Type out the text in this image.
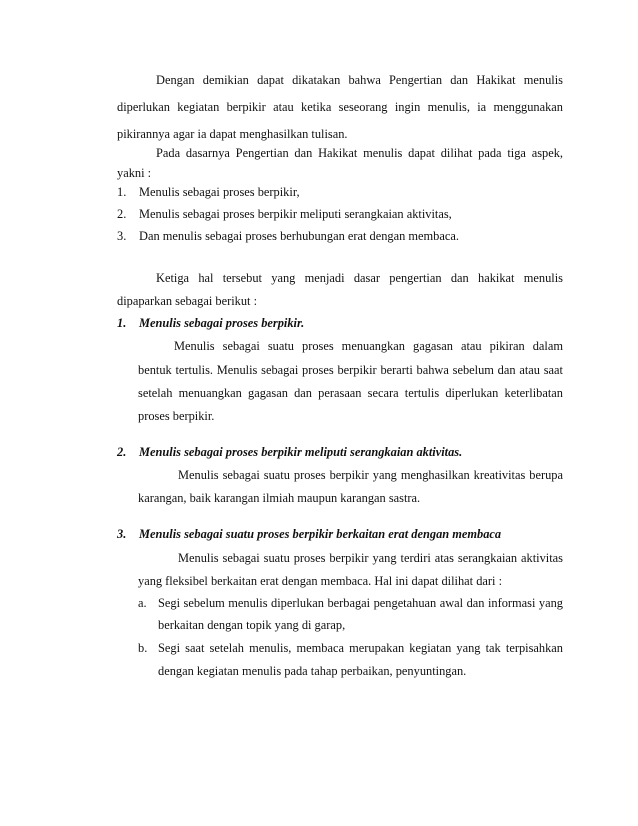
Dengan demikian dapat dikatakan bahwa Pengertian dan Hakikat menulis
diperlukan kegiatan berpikir atau ketika seseorang ingin menulis, ia menggunakan
pikirannya agar ia dapat menghasilkan tulisan.
Pada dasarnya Pengertian dan Hakikat menulis dapat dilihat pada tiga aspek,
yakni :
1. Menulis sebagai proses berpikir,
2. Menulis sebagai proses berpikir meliputi serangkaian aktivitas,
3. Dan menulis sebagai proses berhubungan erat dengan membaca.
Ketiga hal tersebut yang menjadi dasar pengertian dan hakikat menulis
dipaparkan sebagai berikut :
1. Menulis sebagai proses berpikir.
Menulis sebagai suatu proses menuangkan gagasan atau pikiran dalam
bentuk tertulis. Menulis sebagai proses berpikir berarti bahwa sebelum dan atau saat
setelah menuangkan gagasan dan perasaan secara tertulis diperlukan keterlibatan
proses berpikir.
2. Menulis sebagai proses berpikir meliputi serangkaian aktivitas.
Menulis sebagai suatu proses berpikir yang menghasilkan kreativitas berupa
karangan, baik karangan ilmiah maupun karangan sastra.
3. Menulis sebagai suatu proses berpikir berkaitan erat dengan membaca
Menulis sebagai suatu proses berpikir yang terdiri atas serangkaian aktivitas
yang fleksibel berkaitan erat dengan membaca. Hal ini dapat dilihat dari :
a. Segi sebelum menulis diperlukan berbagai pengetahuan awal dan informasi yang
berkaitan dengan topik yang di garap,
b. Segi saat setelah menulis, membaca merupakan kegiatan yang tak terpisahkan
dengan kegiatan menulis pada tahap perbaikan, penyuntingan.
